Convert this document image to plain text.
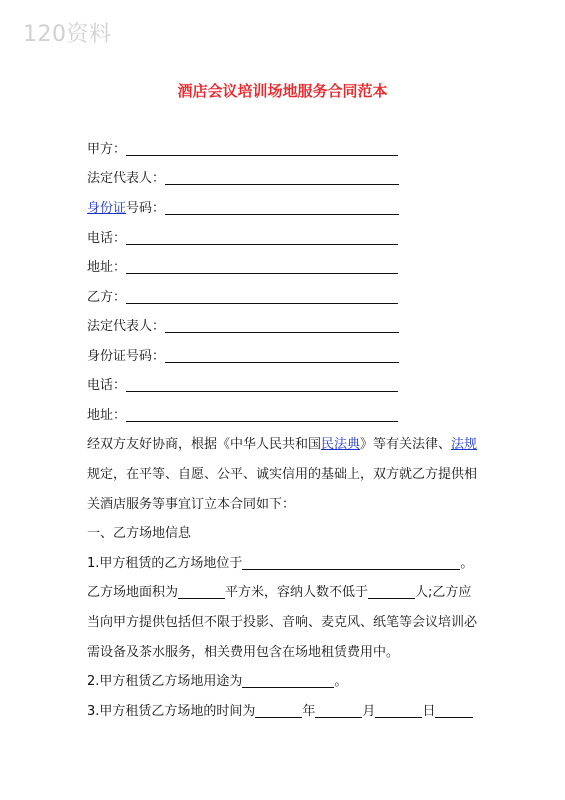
120资料
酒店会议培训场地服务合同范本
甲方：
法定代表人：
身份证号码：
电话：
地址：
乙方：
法定代表人：
身份证号码：
电话：
地址：
经双方友好协商，根据《中华人民共和国民法典》等有关法律、法规
规定，在平等、自愿、公平、诚实信用的基础上，双方就乙方提供相
关酒店服务等事宜订立本合同如下：
一、乙方场地信息
1.甲方租赁的乙方场地位于	。
乙方场地面积为	平方米，容纳人数不低于	人;乙方应
当向甲方提供包括但不限于投影、音响、麦克风、纸笔等会议培训必
需设备及茶水服务，相关费用包含在场地租赁费用中。
2.甲方租赁乙方场地用途为	。
3.甲方租赁乙方场地的时间为	年	月	日
